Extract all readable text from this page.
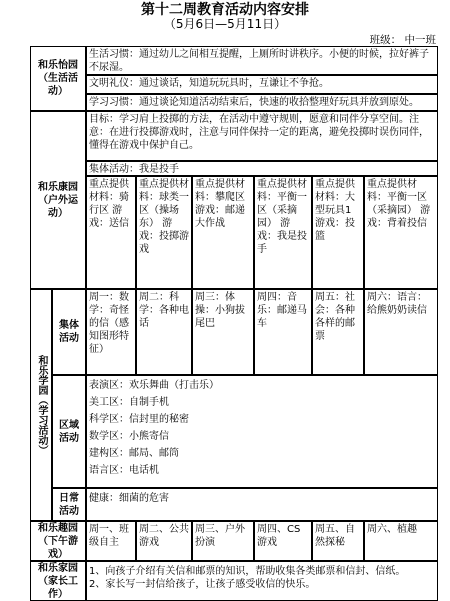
第十二周教育活动内容安排
（5月6日—5月11日）
班级： 中一班
和乐怡园
（生活活动）
生活习惯：通过幼儿之间相互提醒，上厕所时讲秩序。小便的时候，拉好裤子不尿湿。
文明礼仪：通过谈话，知道玩玩具时，互谦让不争抢。
学习习惯：通过谈论知道活动结束后，快速的收拾整理好玩具并放到原处。
和乐康园
（户外运动）
目标：学习肩上投掷的方法，在活动中遵守规则，愿意和同伴分享空间。注意：在进行投掷游戏时，注意与同伴保持一定的距离，避免投掷时误伤同伴，懂得在游戏中保护自己。
集体活动：我是投手
重点提供材料：骑行区 游戏：送信
重点提供材料：球类一区（操场东） 游戏：投掷游戏
重点提供材料：攀爬区 游戏：邮递大作战
重点提供材料：平衡一区（采摘园） 游戏：我是投手
重点提供材料：大型玩具1 游戏：投篮
重点提供材料：平衡一区（采摘园） 游戏：背着投信
和乐学园（学习活动）
集体活动
周一：数学：奇怪的信（感知图形特征）
周二：科学：各种电话
周三：体操：小狗拔尾巴
周四：音乐：邮递马车
周五：社会：各种各样的邮票
周六：语言：给熊奶奶读信
区域活动
表演区：欢乐舞曲（打击乐）
美工区：自制手机
科学区：信封里的秘密
数学区：小熊寄信
建构区：邮局、邮筒
语言区：电话机
日常活动
健康：细菌的危害
和乐趣园
（下午游戏）
周一、班级自主
周二、公共游戏
周三、户外扮演
周四、CS游戏
周五、自然探秘
周六、植趣
和乐家园
（家长工作）
1、向孩子介绍有关信和邮票的知识，帮助收集各类邮票和信封、信纸。
2、家长写一封信给孩子，让孩子感受收信的快乐。
